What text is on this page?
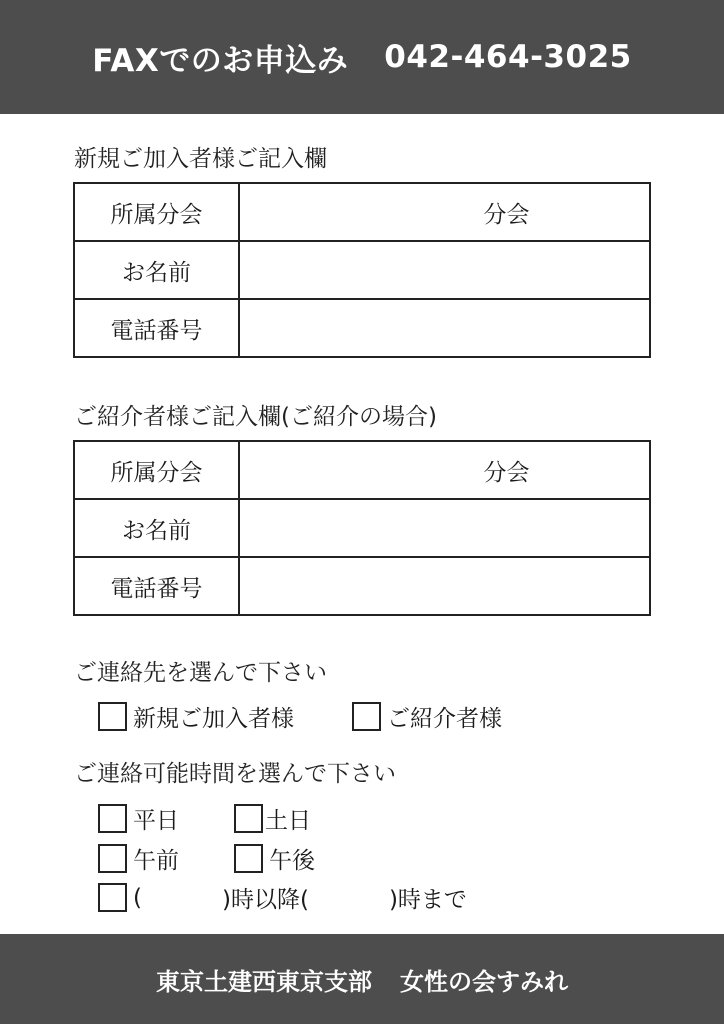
FAXでのお申込み 042-464-3025
新規ご加入者様ご記入欄
所属分会	分会
お名前	
電話番号	
ご紹介者様ご記入欄(ご紹介の場合)
所属分会	分会
お名前	
電話番号	
ご連絡先を選んで下さい
新規ご加入者様	ご紹介者様
ご連絡可能時間を選んで下さい
平日	土日
午前	午後
(	)時以降(	)時まで
東京土建西東京支部 女性の会すみれ
